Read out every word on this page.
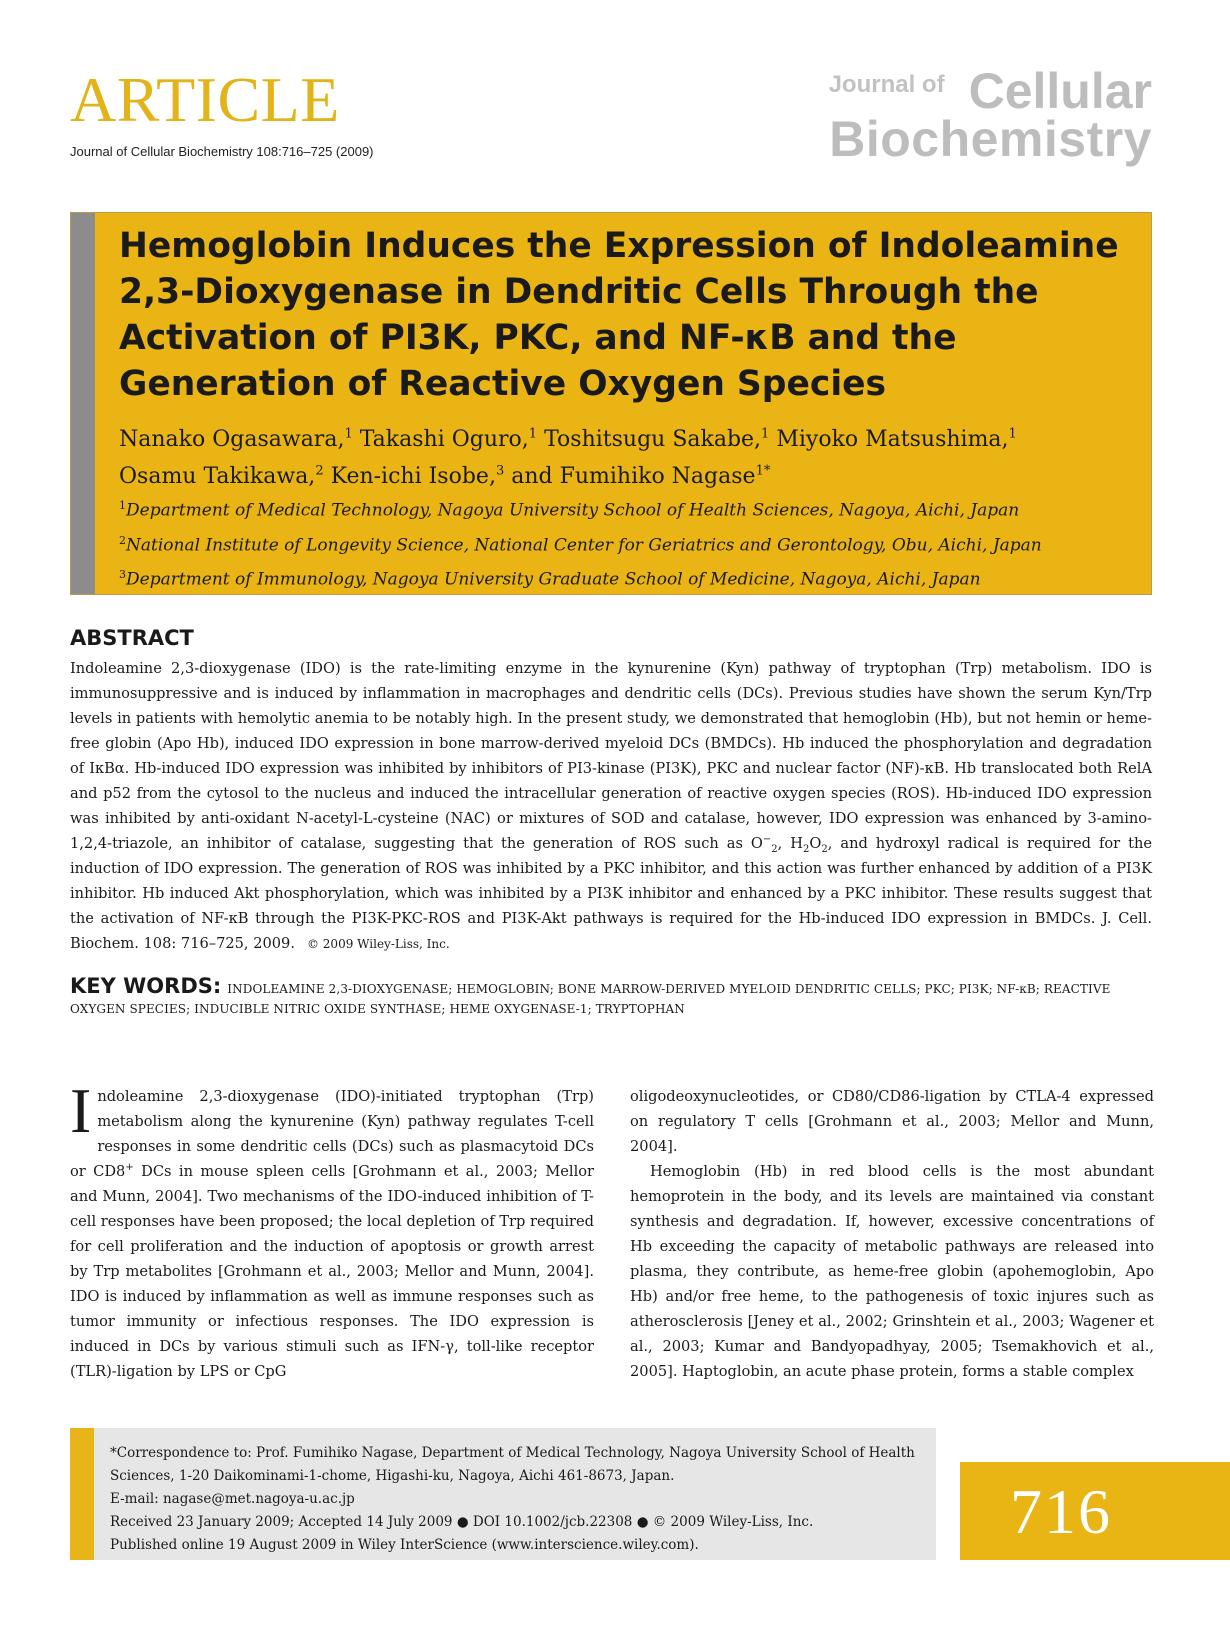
ARTICLE
Journal of Cellular Biochemistry 108:716–725 (2009)
Journal of Cellular
Biochemistry
Hemoglobin Induces the Expression of Indoleamine 2,3-Dioxygenase in Dendritic Cells Through the Activation of PI3K, PKC, and NF-κB and the Generation of Reactive Oxygen Species
Nanako Ogasawara,$^1$ Takashi Oguro,$^1$ Toshitsugu Sakabe,$^1$ Miyoko Matsushima,$^1$
Osamu Takikawa,$^2$ Ken-ichi Isobe,$^3$ and Fumihiko Nagase$^{1*}$
$^1$Department of Medical Technology, Nagoya University School of Health Sciences, Nagoya, Aichi, Japan
$^2$National Institute of Longevity Science, National Center for Geriatrics and Gerontology, Obu, Aichi, Japan
$^3$Department of Immunology, Nagoya University Graduate School of Medicine, Nagoya, Aichi, Japan
ABSTRACT

Indoleamine 2,3-dioxygenase (IDO) is the rate-limiting enzyme in the kynurenine (Kyn) pathway of tryptophan (Trp) metabolism. IDO is immunosuppressive and is induced by inflammation in macrophages and dendritic cells (DCs). Previous studies have shown the serum Kyn/Trp levels in patients with hemolytic anemia to be notably high. In the present study, we demonstrated that hemoglobin (Hb), but not hemin or heme-free globin (Apo Hb), induced IDO expression in bone marrow-derived myeloid DCs (BMDCs). Hb induced the phosphorylation and degradation of IκBα. Hb-induced IDO expression was inhibited by inhibitors of PI3-kinase (PI3K), PKC and nuclear factor (NF)-κB. Hb translocated both RelA and p52 from the cytosol to the nucleus and induced the intracellular generation of reactive oxygen species (ROS). Hb-induced IDO expression was inhibited by anti-oxidant N-acetyl-L-cysteine (NAC) or mixtures of SOD and catalase, however, IDO expression was enhanced by 3-amino-1,2,4-triazole, an inhibitor of catalase, suggesting that the generation of ROS such as $O^-_2$, $H_2O_2$, and hydroxyl radical is required for the induction of IDO expression. The generation of ROS was inhibited by a PKC inhibitor, and this action was further enhanced by addition of a PI3K inhibitor. Hb induced Akt phosphorylation, which was inhibited by a PI3K inhibitor and enhanced by a PKC inhibitor. These results suggest that the activation of NF-κB through the PI3K-PKC-ROS and PI3K-Akt pathways is required for the Hb-induced IDO expression in BMDCs. J. Cell. Biochem. 108: 716–725, 2009. © 2009 Wiley-Liss, Inc.

KEY WORDS: INDOLEAMINE 2,3-DIOXYGENASE; HEMOGLOBIN; BONE MARROW-DERIVED MYELOID DENDRITIC CELLS; PKC; PI3K; NF-κB; REACTIVE OXYGEN SPECIES; INDUCIBLE NITRIC OXIDE SYNTHASE; HEME OXYGENASE-1; TRYPTOPHAN

Indoleamine 2,3-dioxygenase (IDO)-initiated tryptophan (Trp) metabolism along the kynurenine (Kyn) pathway regulates T-cell responses in some dendritic cells (DCs) such as plasmacytoid DCs or CD8+ DCs in mouse spleen cells [Grohmann et al., 2003; Mellor and Munn, 2004]. Two mechanisms of the IDO-induced inhibition of T-cell responses have been proposed; the local depletion of Trp required for cell proliferation and the induction of apoptosis or growth arrest by Trp metabolites [Grohmann et al., 2003; Mellor and Munn, 2004]. IDO is induced by inflammation as well as immune responses such as tumor immunity or infectious responses. The IDO expression is induced in DCs by various stimuli such as IFN-γ, toll-like receptor (TLR)-ligation by LPS or CpG

oligodeoxynucleotides, or CD80/CD86-ligation by CTLA-4 expressed on regulatory T cells [Grohmann et al., 2003; Mellor and Munn, 2004].

Hemoglobin (Hb) in red blood cells is the most abundant hemoprotein in the body, and its levels are maintained via constant synthesis and degradation. If, however, excessive concentrations of Hb exceeding the capacity of metabolic pathways are released into plasma, they contribute, as heme-free globin (apohemoglobin, Apo Hb) and/or free heme, to the pathogenesis of toxic injures such as atherosclerosis [Jeney et al., 2002; Grinshtein et al., 2003; Wagener et al., 2003; Kumar and Bandyopadhyay, 2005; Tsemakhovich et al., 2005]. Haptoglobin, an acute phase protein, forms a stable complex

*Correspondence to: Prof. Fumihiko Nagase, Department of Medical Technology, Nagoya University School of Health Sciences, 1-20 Daikominami-1-chome, Higashi-ku, Nagoya, Aichi 461-8673, Japan.
E-mail: nagase@met.nagoya-u.ac.jp
Received 23 January 2009; Accepted 14 July 2009 ● DOI 10.1002/jcb.22308 ● © 2009 Wiley-Liss, Inc.
Published online 19 August 2009 in Wiley InterScience (www.interscience.wiley.com).	716
